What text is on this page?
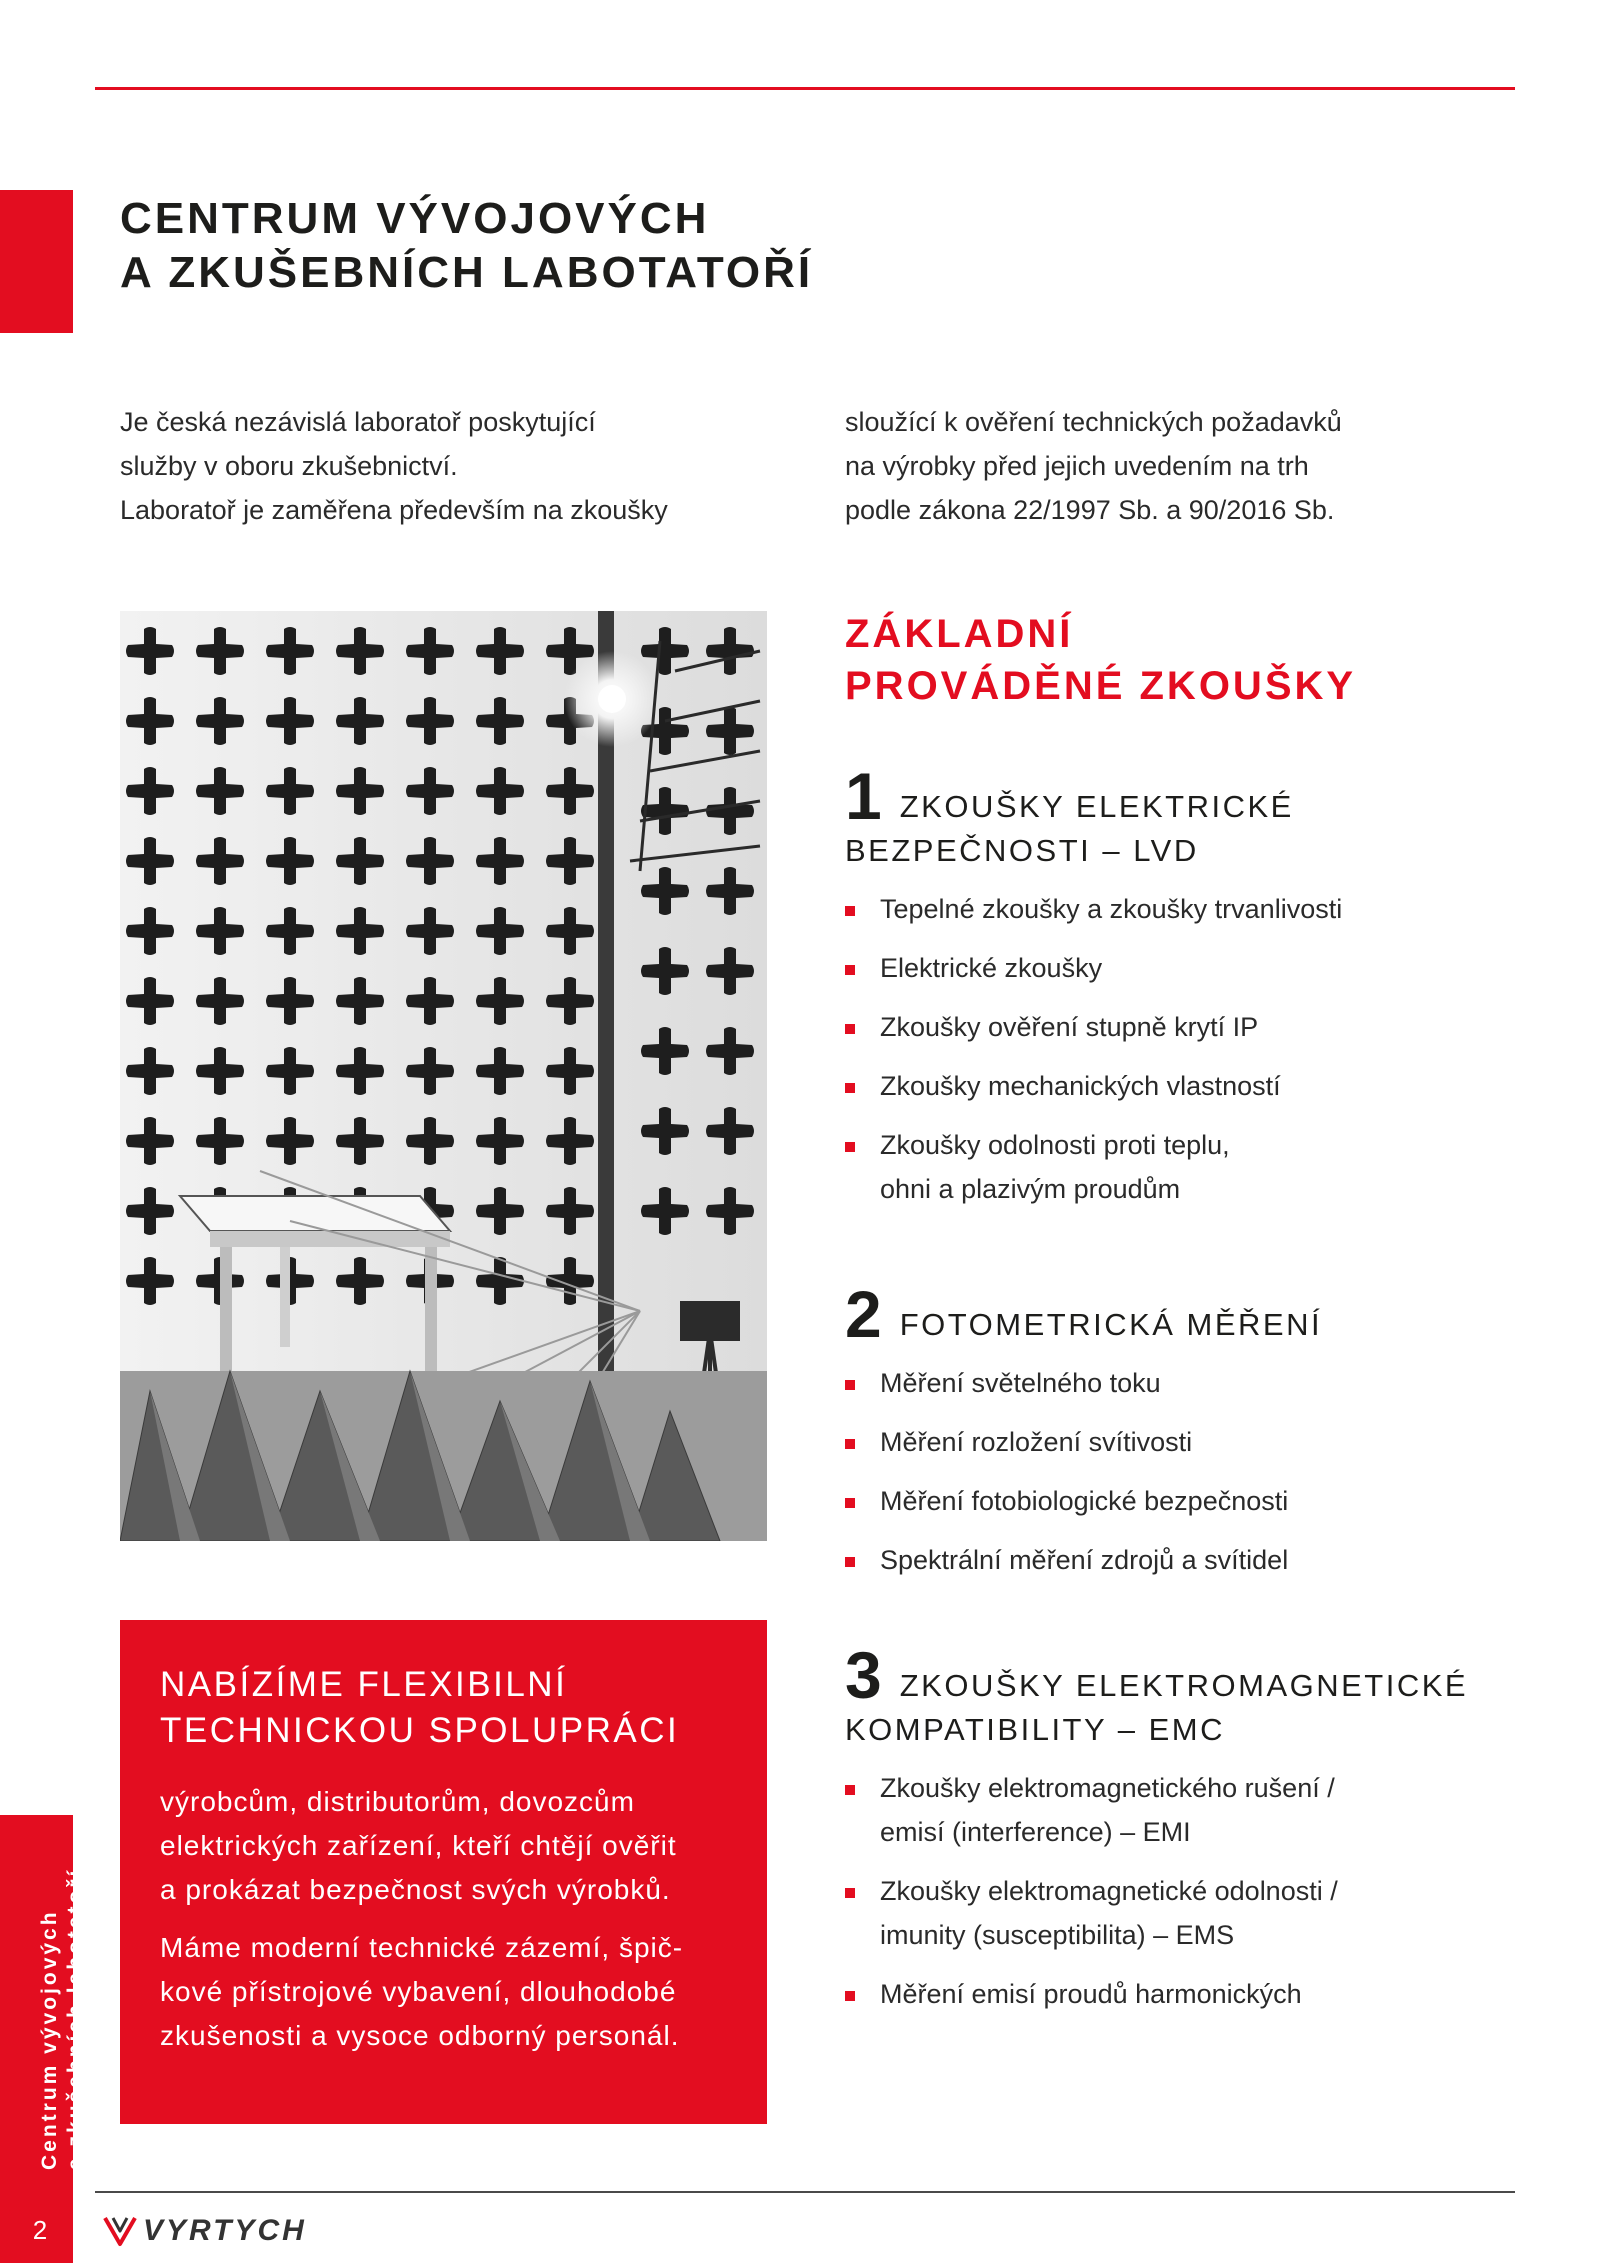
CENTRUM VÝVOJOVÝCH
A ZKUŠEBNÍCH LABOTATOŘÍ

Je česká nezávislá laboratoř poskytující
služby v oboru zkušebnictví.
Laboratoř je zaměřena především na zkoušky

sloužící k ověření technických požadavků
na výrobky před jejich uvedením na trh
podle zákona 22/1997 Sb. a 90/2016 Sb.

ZÁKLADNÍ
PROVÁDĚNÉ ZKOUŠKY
1 ZKOUŠKY ELEKTRICKÉ
BEZPEČNOSTI – LVD
Tepelné zkoušky a zkoušky trvanlivosti
Elektrické zkoušky
Zkoušky ověření stupně krytí IP
Zkoušky mechanických vlastností
Zkoušky odolnosti proti teplu,
ohni a plazivým proudům
2 FOTOMETRICKÁ MĚŘENÍ
Měření světelného toku
Měření rozložení svítivosti
Měření fotobiologické bezpečnosti
Spektrální měření zdrojů a svítidel
3 ZKOUŠKY ELEKTROMAGNETICKÉ
KOMPATIBILITY – EMC
Zkoušky elektromagnetického rušení /
emisí (interference) – EMI
Zkoušky elektromagnetické odolnosti /
imunity (susceptibilita) – EMS
Měření emisí proudů harmonických
NABÍZÍME FLEXIBILNÍ
TECHNICKOU SPOLUPRÁCI

výrobcům, distributorům, dovozcům
elektrických zařízení, kteří chtějí ověřit
a prokázat bezpečnost svých výrobků.

Máme moderní technické zázemí, špič-
kové přístrojové vybavení, dlouhodobé
zkušenosti a vysoce odborný personál.

Centrum vývojových a zkušebních labotatoří
2	VYRTYCH
